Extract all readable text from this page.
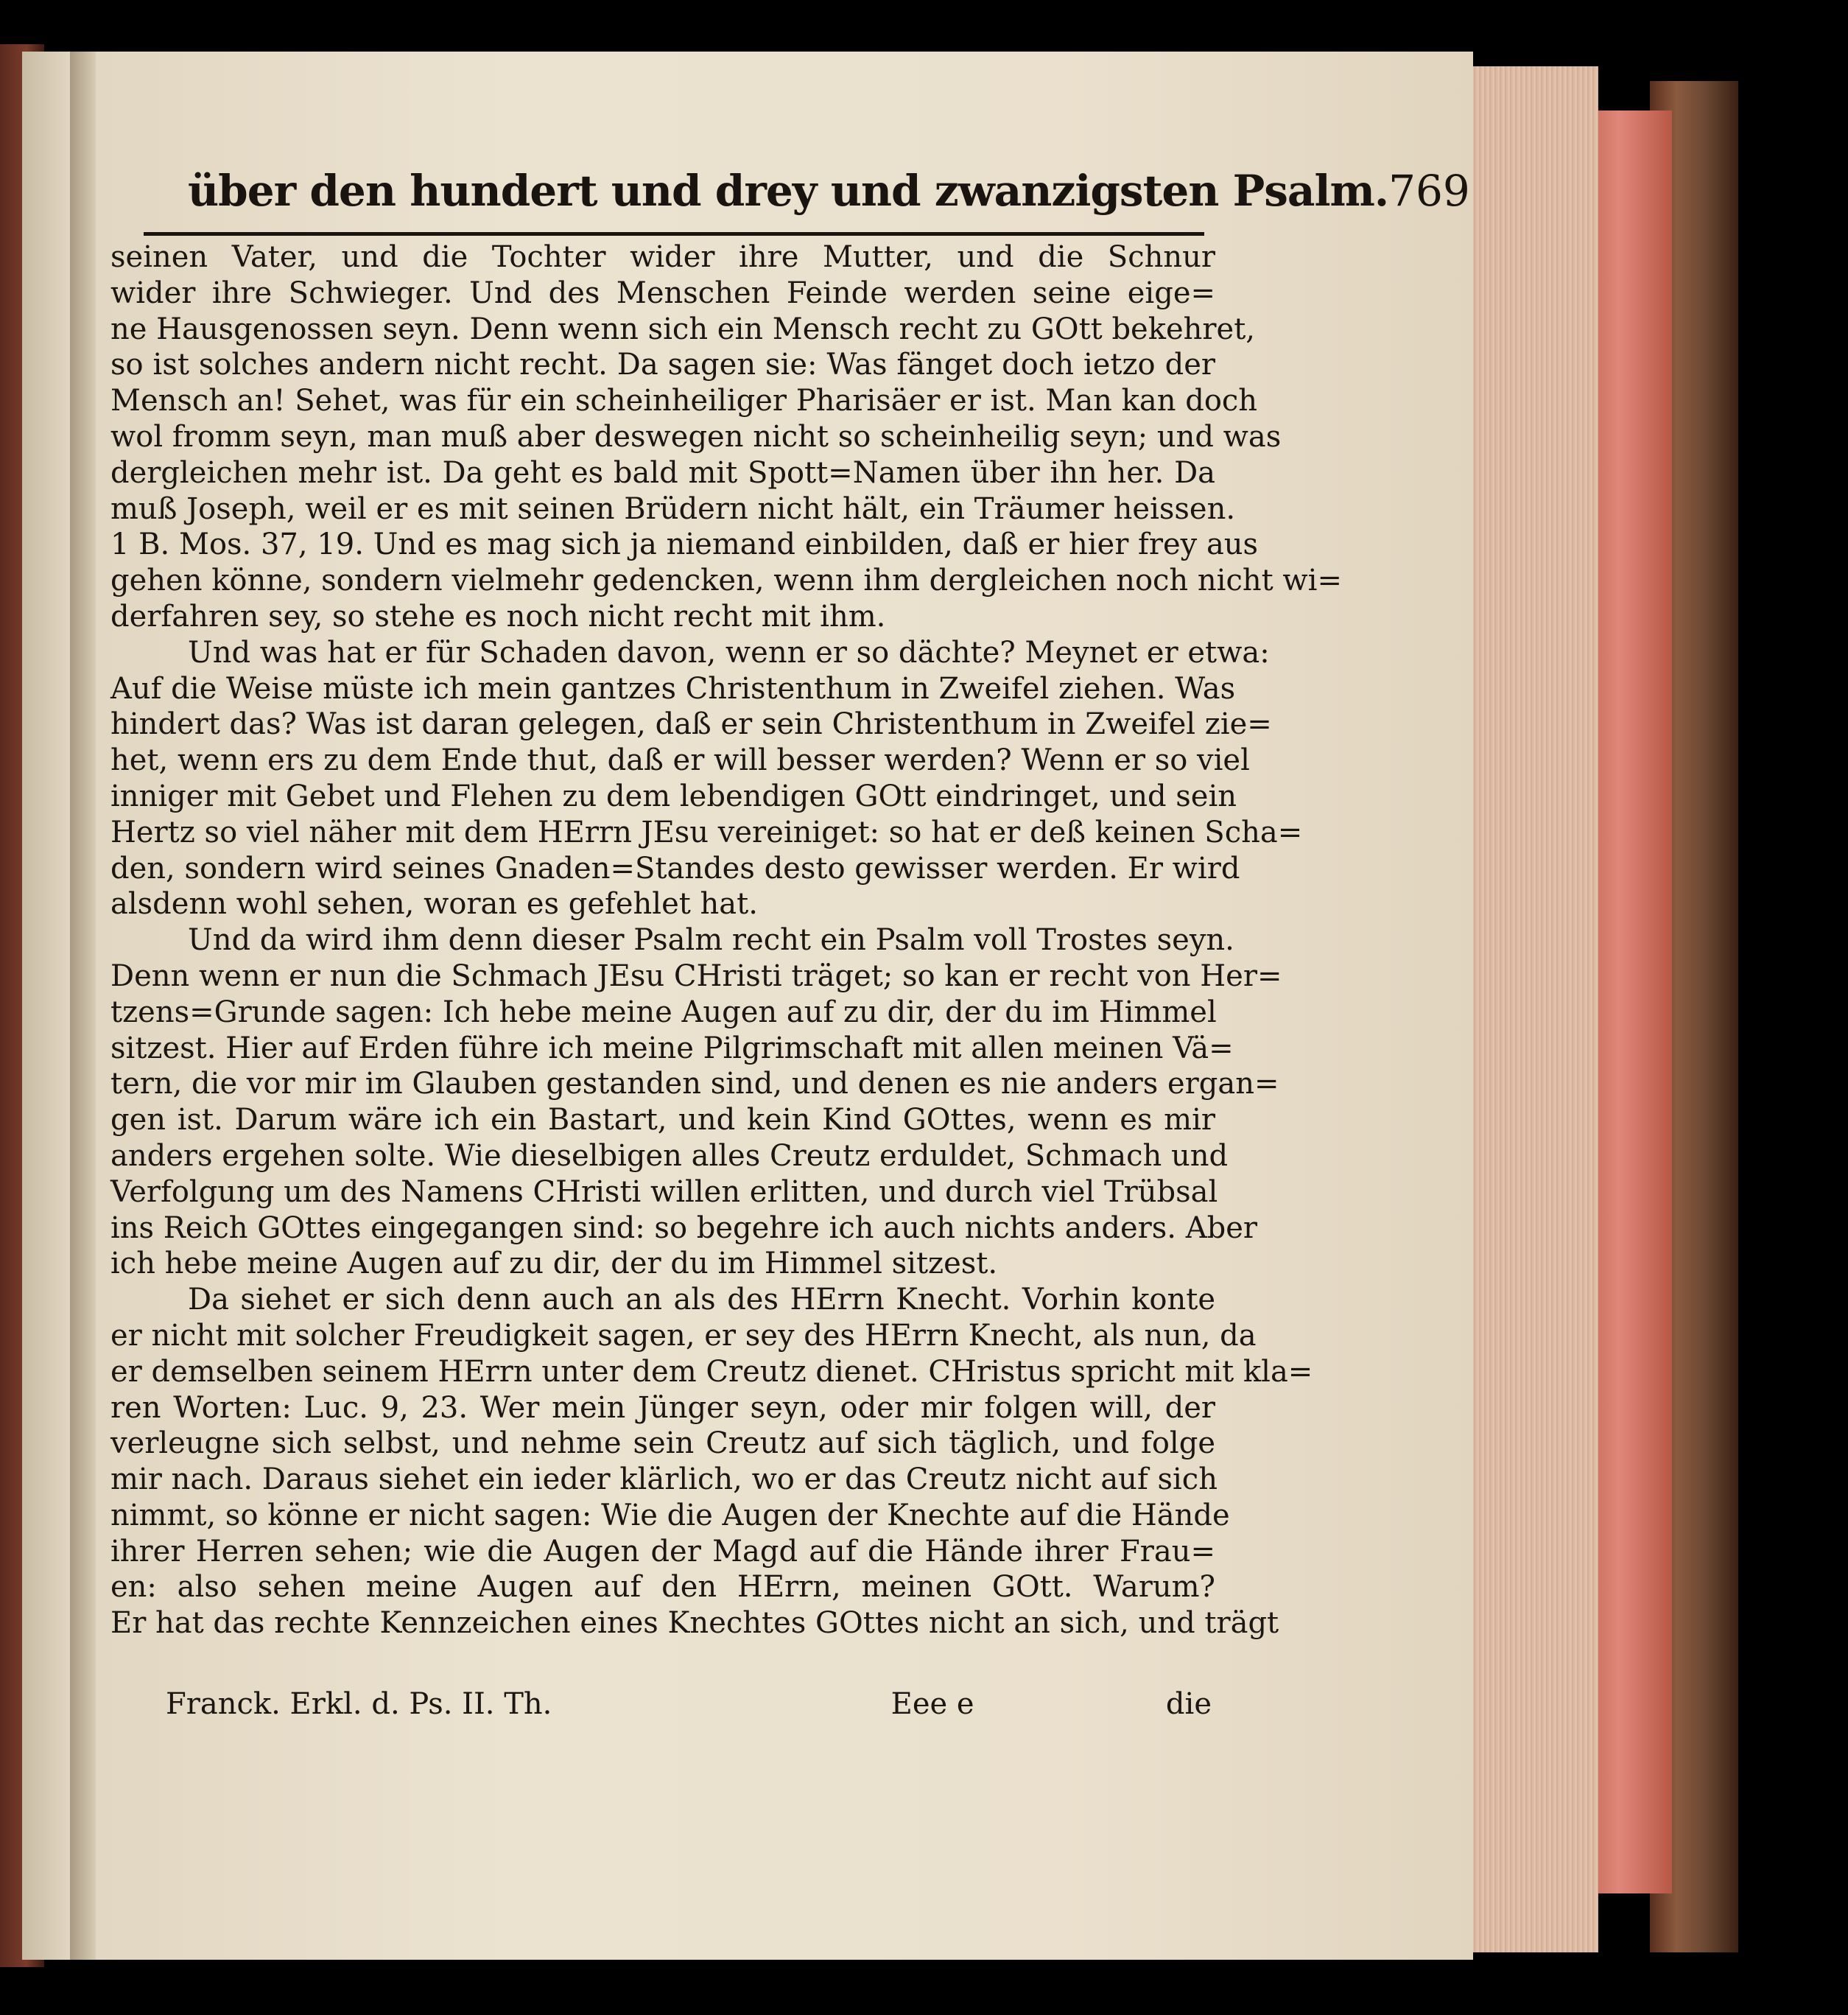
über den hundert und drey und zwanzigsten Psalm. 769
seinen Vater, und die Tochter wider ihre Mutter, und die Schnur
wider ihre Schwieger. Und des Menschen Feinde werden seine eige=
ne Hausgenossen seyn. Denn wenn sich ein Mensch recht zu GOtt bekehret,
so ist solches andern nicht recht. Da sagen sie: Was fänget doch ietzo der
Mensch an! Sehet, was für ein scheinheiliger Pharisäer er ist. Man kan doch
wol fromm seyn, man muß aber deswegen nicht so scheinheilig seyn; und was
dergleichen mehr ist. Da geht es bald mit Spott=Namen über ihn her. Da
muß Joseph, weil er es mit seinen Brüdern nicht hält, ein Träumer heissen.
1 B. Mos. 37, 19. Und es mag sich ja niemand einbilden, daß er hier frey aus
gehen könne, sondern vielmehr gedencken, wenn ihm dergleichen noch nicht wi=
derfahren sey, so stehe es noch nicht recht mit ihm.
Und was hat er für Schaden davon, wenn er so dächte? Meynet er etwa:
Auf die Weise müste ich mein gantzes Christenthum in Zweifel ziehen. Was
hindert das? Was ist daran gelegen, daß er sein Christenthum in Zweifel zie=
het, wenn ers zu dem Ende thut, daß er will besser werden? Wenn er so viel
inniger mit Gebet und Flehen zu dem lebendigen GOtt eindringet, und sein
Hertz so viel näher mit dem HErrn JEsu vereiniget: so hat er deß keinen Scha=
den, sondern wird seines Gnaden=Standes desto gewisser werden. Er wird
alsdenn wohl sehen, woran es gefehlet hat.
Und da wird ihm denn dieser Psalm recht ein Psalm voll Trostes seyn.
Denn wenn er nun die Schmach JEsu CHristi träget; so kan er recht von Her=
tzens=Grunde sagen: Ich hebe meine Augen auf zu dir, der du im Himmel
sitzest. Hier auf Erden führe ich meine Pilgrimschaft mit allen meinen Vä=
tern, die vor mir im Glauben gestanden sind, und denen es nie anders ergan=
gen ist. Darum wäre ich ein Bastart, und kein Kind GOttes, wenn es mir
anders ergehen solte. Wie dieselbigen alles Creutz erduldet, Schmach und
Verfolgung um des Namens CHristi willen erlitten, und durch viel Trübsal
ins Reich GOttes eingegangen sind: so begehre ich auch nichts anders. Aber
ich hebe meine Augen auf zu dir, der du im Himmel sitzest.
Da siehet er sich denn auch an als des HErrn Knecht. Vorhin konte
er nicht mit solcher Freudigkeit sagen, er sey des HErrn Knecht, als nun, da
er demselben seinem HErrn unter dem Creutz dienet. CHristus spricht mit kla=
ren Worten: Luc. 9, 23. Wer mein Jünger seyn, oder mir folgen will, der
verleugne sich selbst, und nehme sein Creutz auf sich täglich, und folge
mir nach. Daraus siehet ein ieder klärlich, wo er das Creutz nicht auf sich
nimmt, so könne er nicht sagen: Wie die Augen der Knechte auf die Hände
ihrer Herren sehen; wie die Augen der Magd auf die Hände ihrer Frau=
en: also sehen meine Augen auf den HErrn, meinen GOtt. Warum?
Er hat das rechte Kennzeichen eines Knechtes GOttes nicht an sich, und trägt
Franck. Erkl. d. Ps. II. Th.	Eee e	die
